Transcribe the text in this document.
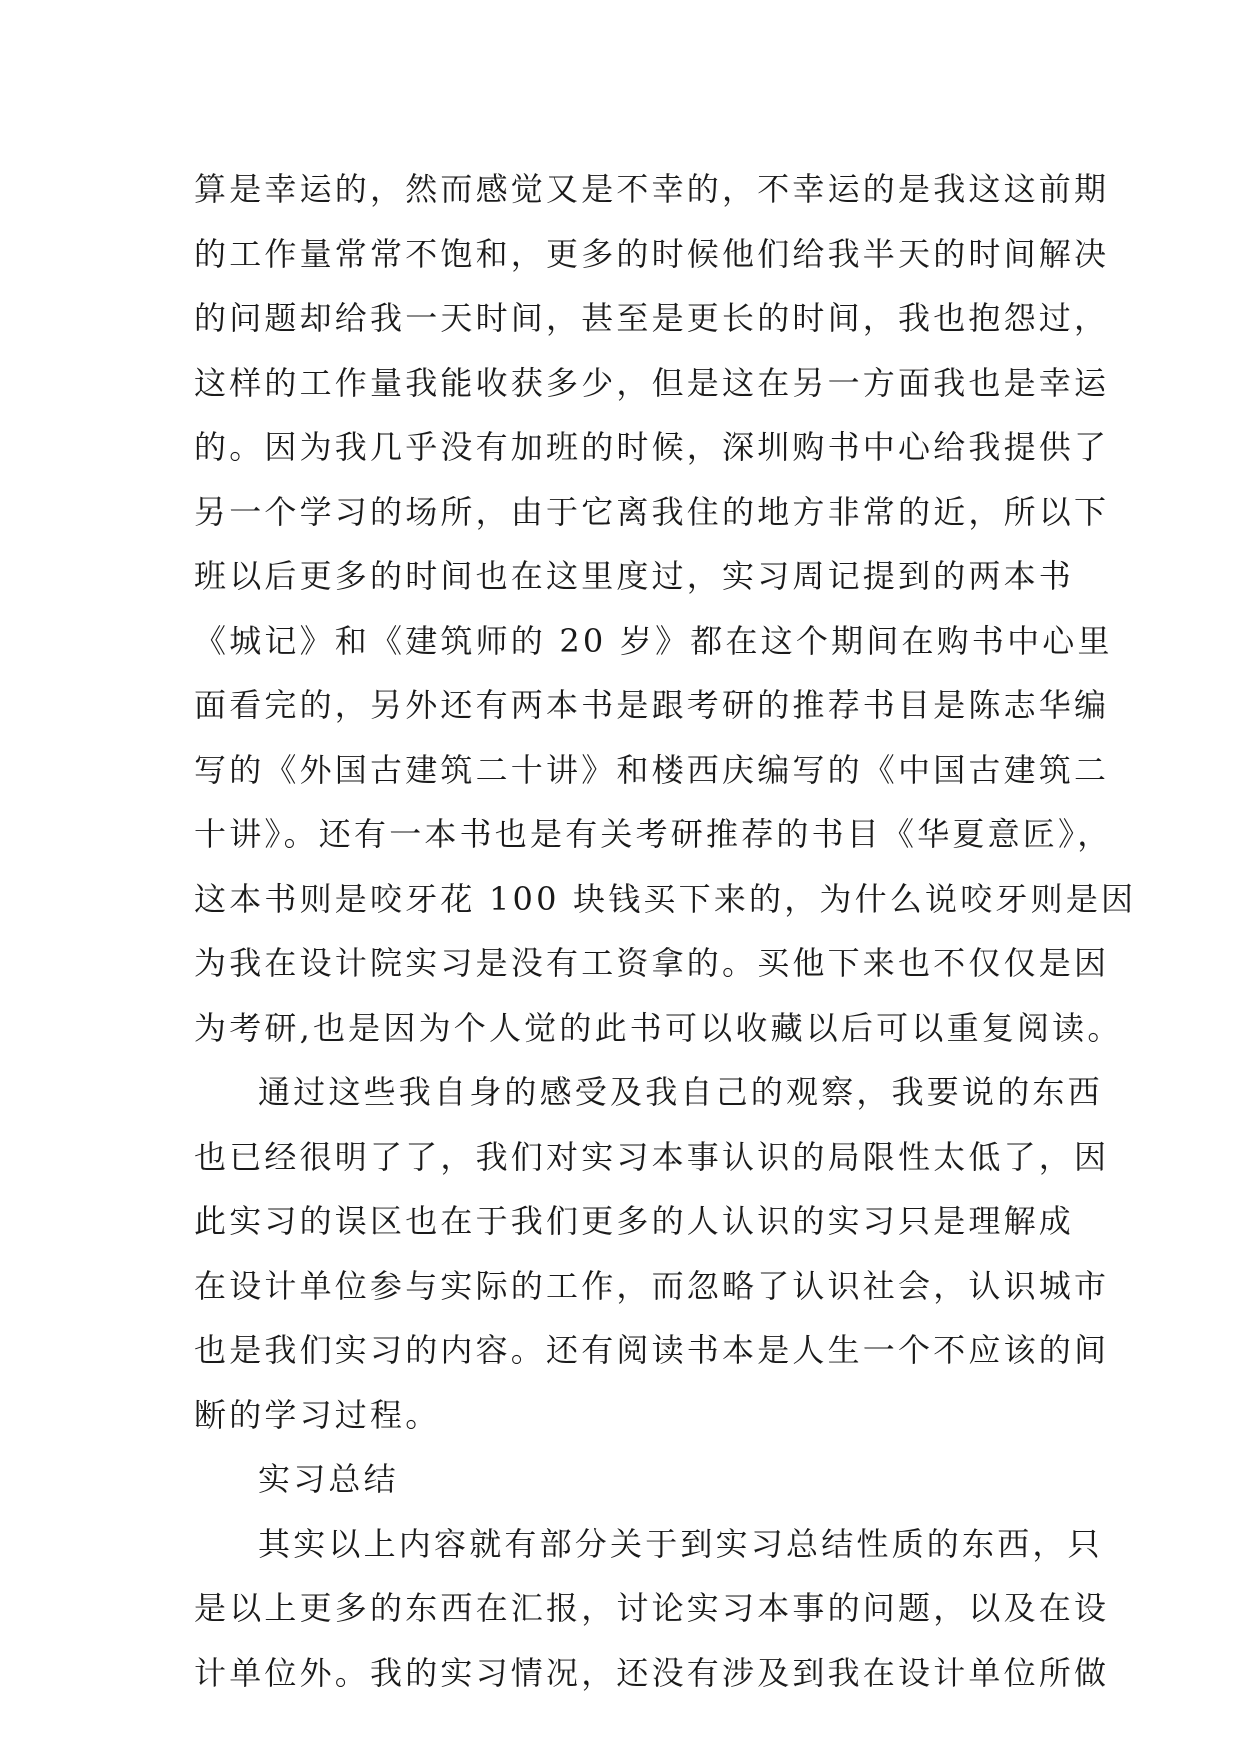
算是幸运的，然而感觉又是不幸的，不幸运的是我这这前期
的工作量常常不饱和，更多的时候他们给我半天的时间解决
的问题却给我一天时间，甚至是更长的时间，我也抱怨过，
这样的工作量我能收获多少，但是这在另一方面我也是幸运
的。因为我几乎没有加班的时候，深圳购书中心给我提供了
另一个学习的场所，由于它离我住的地方非常的近，所以下
班以后更多的时间也在这里度过，实习周记提到的两本书
《城记》和《建筑师的 20 岁》都在这个期间在购书中心里
面看完的，另外还有两本书是跟考研的推荐书目是陈志华编
写的《外国古建筑二十讲》和楼西庆编写的《中国古建筑二
十讲》。还有一本书也是有关考研推荐的书目《华夏意匠》，
这本书则是咬牙花 100 块钱买下来的，为什么说咬牙则是因
为我在设计院实习是没有工资拿的。买他下来也不仅仅是因
为考研,也是因为个人觉的此书可以收藏以后可以重复阅读。
通过这些我自身的感受及我自己的观察，我要说的东西
也已经很明了了，我们对实习本事认识的局限性太低了，因
此实习的误区也在于我们更多的人认识的实习只是理解成
在设计单位参与实际的工作，而忽略了认识社会，认识城市
也是我们实习的内容。还有阅读书本是人生一个不应该的间
断的学习过程。
实习总结
其实以上内容就有部分关于到实习总结性质的东西，只
是以上更多的东西在汇报，讨论实习本事的问题，以及在设
计单位外。我的实习情况，还没有涉及到我在设计单位所做
